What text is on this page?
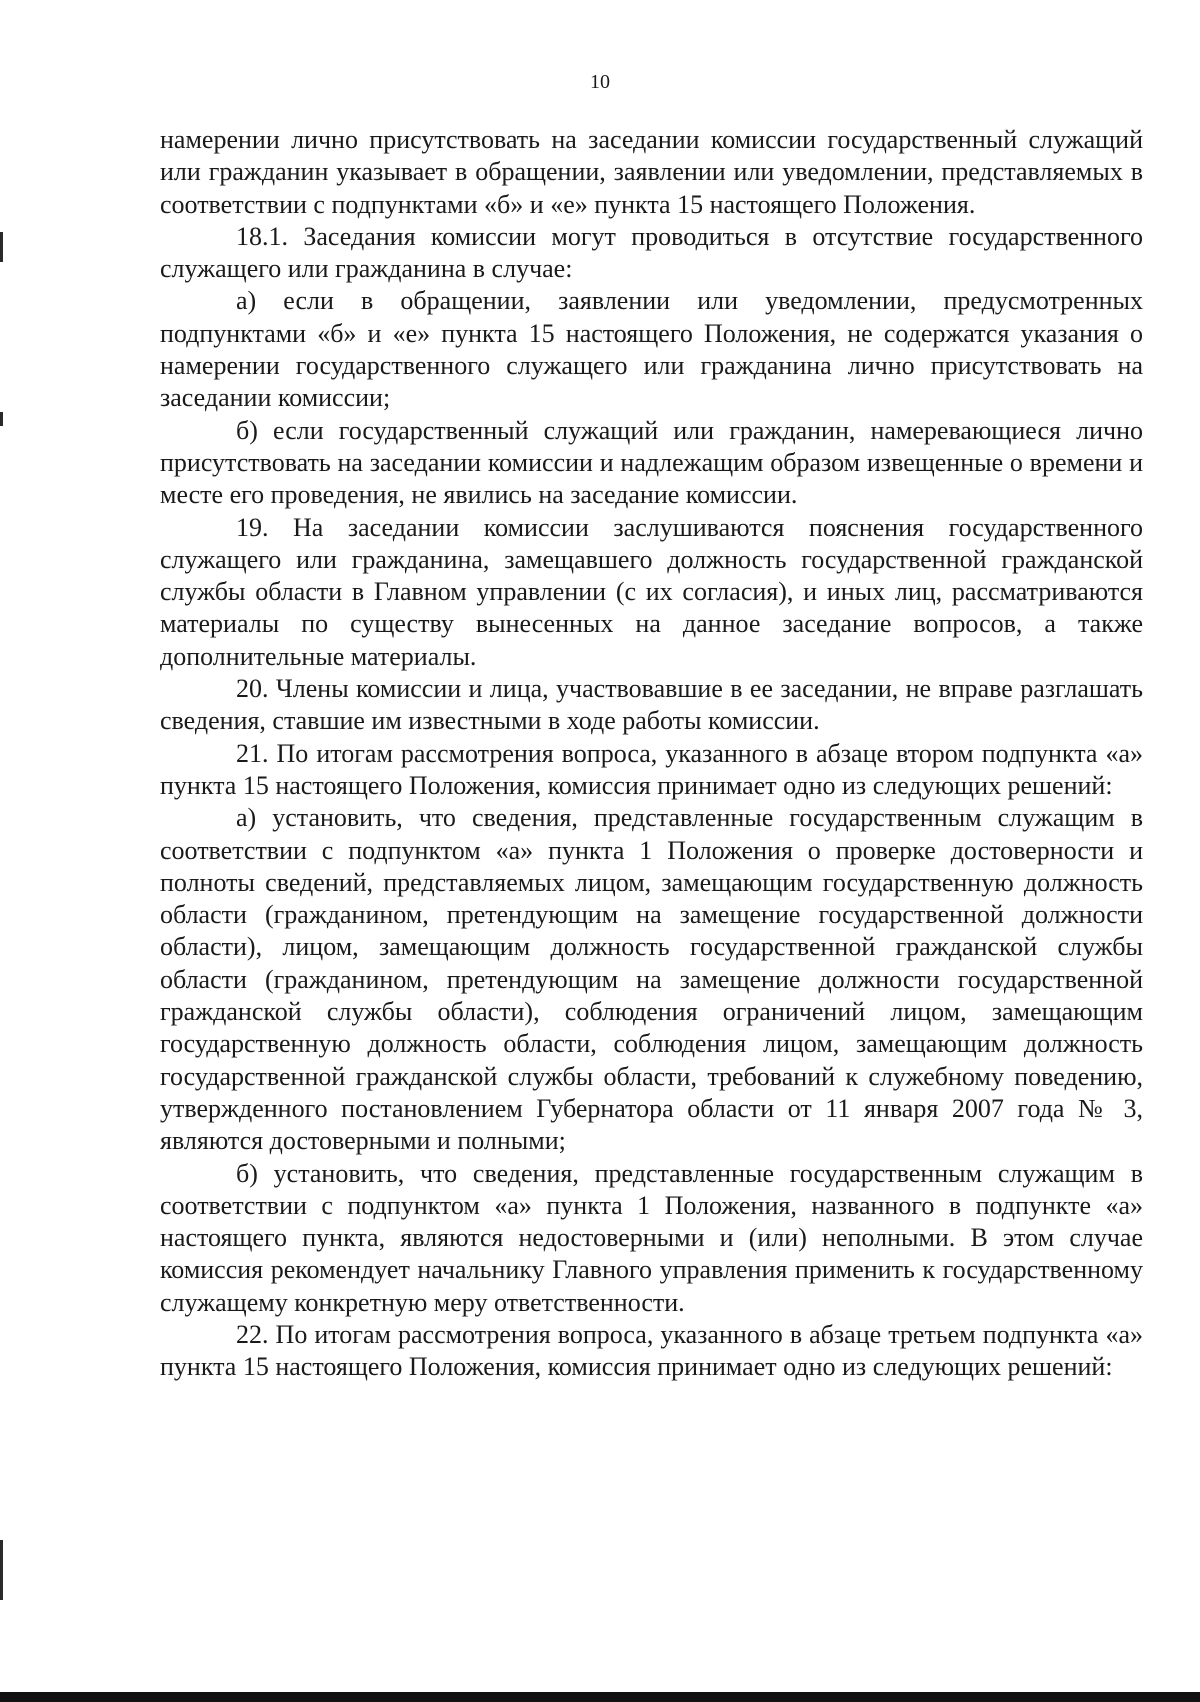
10

намерении лично присутствовать на заседании комиссии государственный служащий или гражданин указывает в обращении, заявлении или уведомлении, представляемых в соответствии с подпунктами «б» и «е» пункта 15 настоящего Положения.

18.1. Заседания комиссии могут проводиться в отсутствие государственного служащего или гражданина в случае:

а) если в обращении, заявлении или уведомлении, предусмотренных подпунктами «б» и «е» пункта 15 настоящего Положения, не содержатся указания о намерении государственного служащего или гражданина лично присутствовать на заседании комиссии;

б) если государственный служащий или гражданин, намеревающиеся лично присутствовать на заседании комиссии и надлежащим образом извещенные о времени и месте его проведения, не явились на заседание комиссии.

19. На заседании комиссии заслушиваются пояснения государственного служащего или гражданина, замещавшего должность государственной гражданской службы области в Главном управлении (с их согласия), и иных лиц, рассматриваются материалы по существу вынесенных на данное заседание вопросов, а также дополнительные материалы.

20. Члены комиссии и лица, участвовавшие в ее заседании, не вправе разглашать сведения, ставшие им известными в ходе работы комиссии.

21. По итогам рассмотрения вопроса, указанного в абзаце втором подпункта «а» пункта 15 настоящего Положения, комиссия принимает одно из следующих решений:

а) установить, что сведения, представленные государственным служащим в соответствии с подпунктом «а» пункта 1 Положения о проверке достоверности и полноты сведений, представляемых лицом, замещающим государственную должность области (гражданином, претендующим на замещение государственной должности области), лицом, замещающим должность государственной гражданской службы области (гражданином, претендующим на замещение должности государственной гражданской службы области), соблюдения ограничений лицом, замещающим государственную должность области, соблюдения лицом, замещающим должность государственной гражданской службы области, требований к служебному поведению, утвержденного постановлением Губернатора области от 11 января 2007 года № 3, являются достоверными и полными;

б) установить, что сведения, представленные государственным служащим в соответствии с подпунктом «а» пункта 1 Положения, названного в подпункте «а» настоящего пункта, являются недостоверными и (или) неполными. В этом случае комиссия рекомендует начальнику Главного управления применить к государственному служащему конкретную меру ответственности.

22. По итогам рассмотрения вопроса, указанного в абзаце третьем подпункта «а» пункта 15 настоящего Положения, комиссия принимает одно из следующих решений:
